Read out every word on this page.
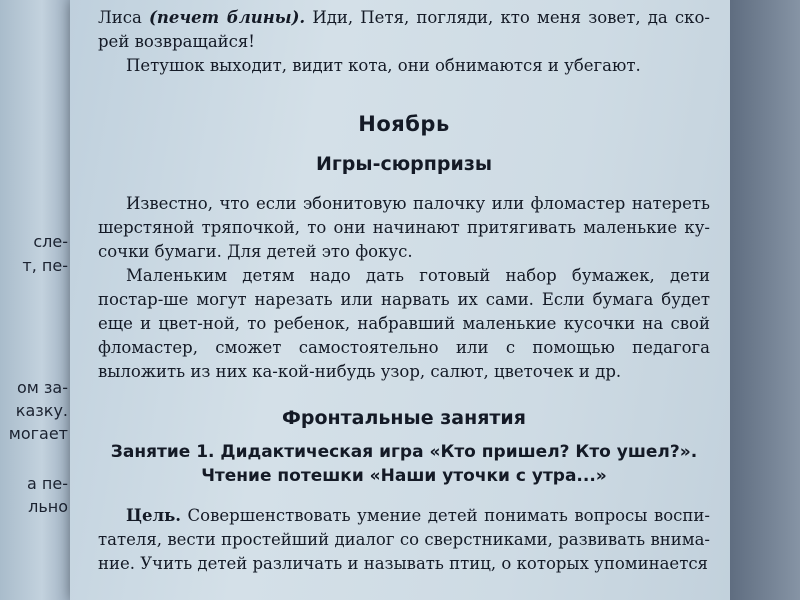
сле-
т, пе-
ом за-
казку.
могает
а пе-
льно

Лиса (печет блины). Иди, Петя, погляди, кто меня зовет, да ско-рей возвращайся!

Петушок выходит, видит кота, они обнимаются и убегают.

Ноябрь
Игры-сюрпризы

Известно, что если эбонитовую палочку или фломастер натереть шерстяной тряпочкой, то они начинают притягивать маленькие ку-сочки бумаги. Для детей это фокус.

Маленьким детям надо дать готовый набор бумажек, дети постар-ше могут нарезать или нарвать их сами. Если бумага будет еще и цвет-ной, то ребенок, набравший маленькие кусочки на свой фломастер, сможет самостоятельно или с помощью педагога выложить из них ка-кой-нибудь узор, салют, цветочек и др.

Фронтальные занятия
Занятие 1. Дидактическая игра «Кто пришел? Кто ушел?».
Чтение потешки «Наши уточки с утра...»

Цель. Совершенствовать умение детей понимать вопросы воспи-тателя, вести простейший диалог со сверстниками, развивать внима-ние. Учить детей различать и называть птиц, о которых упоминается
